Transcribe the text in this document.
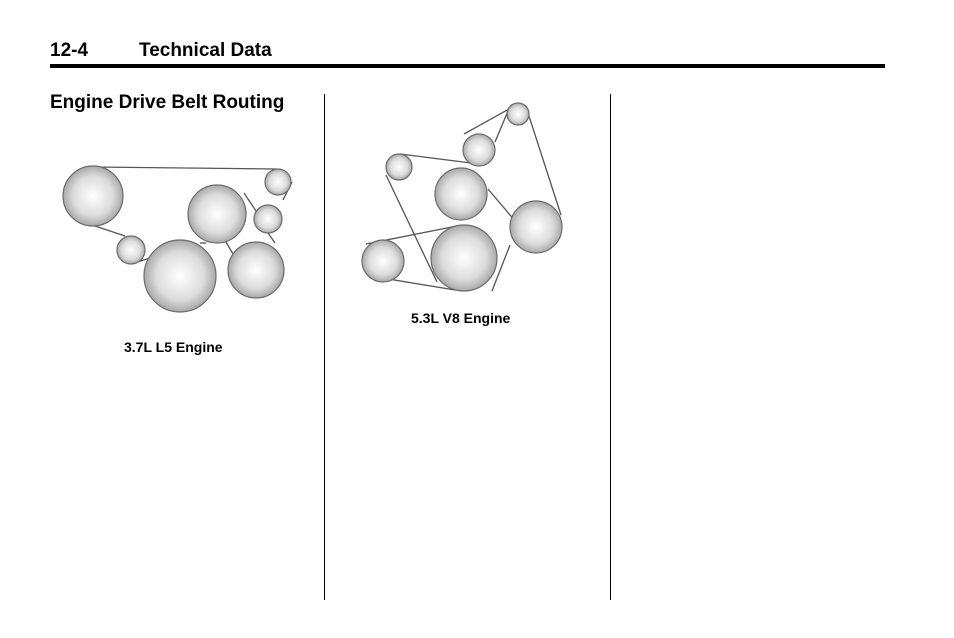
12-4	Technical Data
Engine Drive Belt Routing
3.7L L5 Engine
5.3L V8 Engine
